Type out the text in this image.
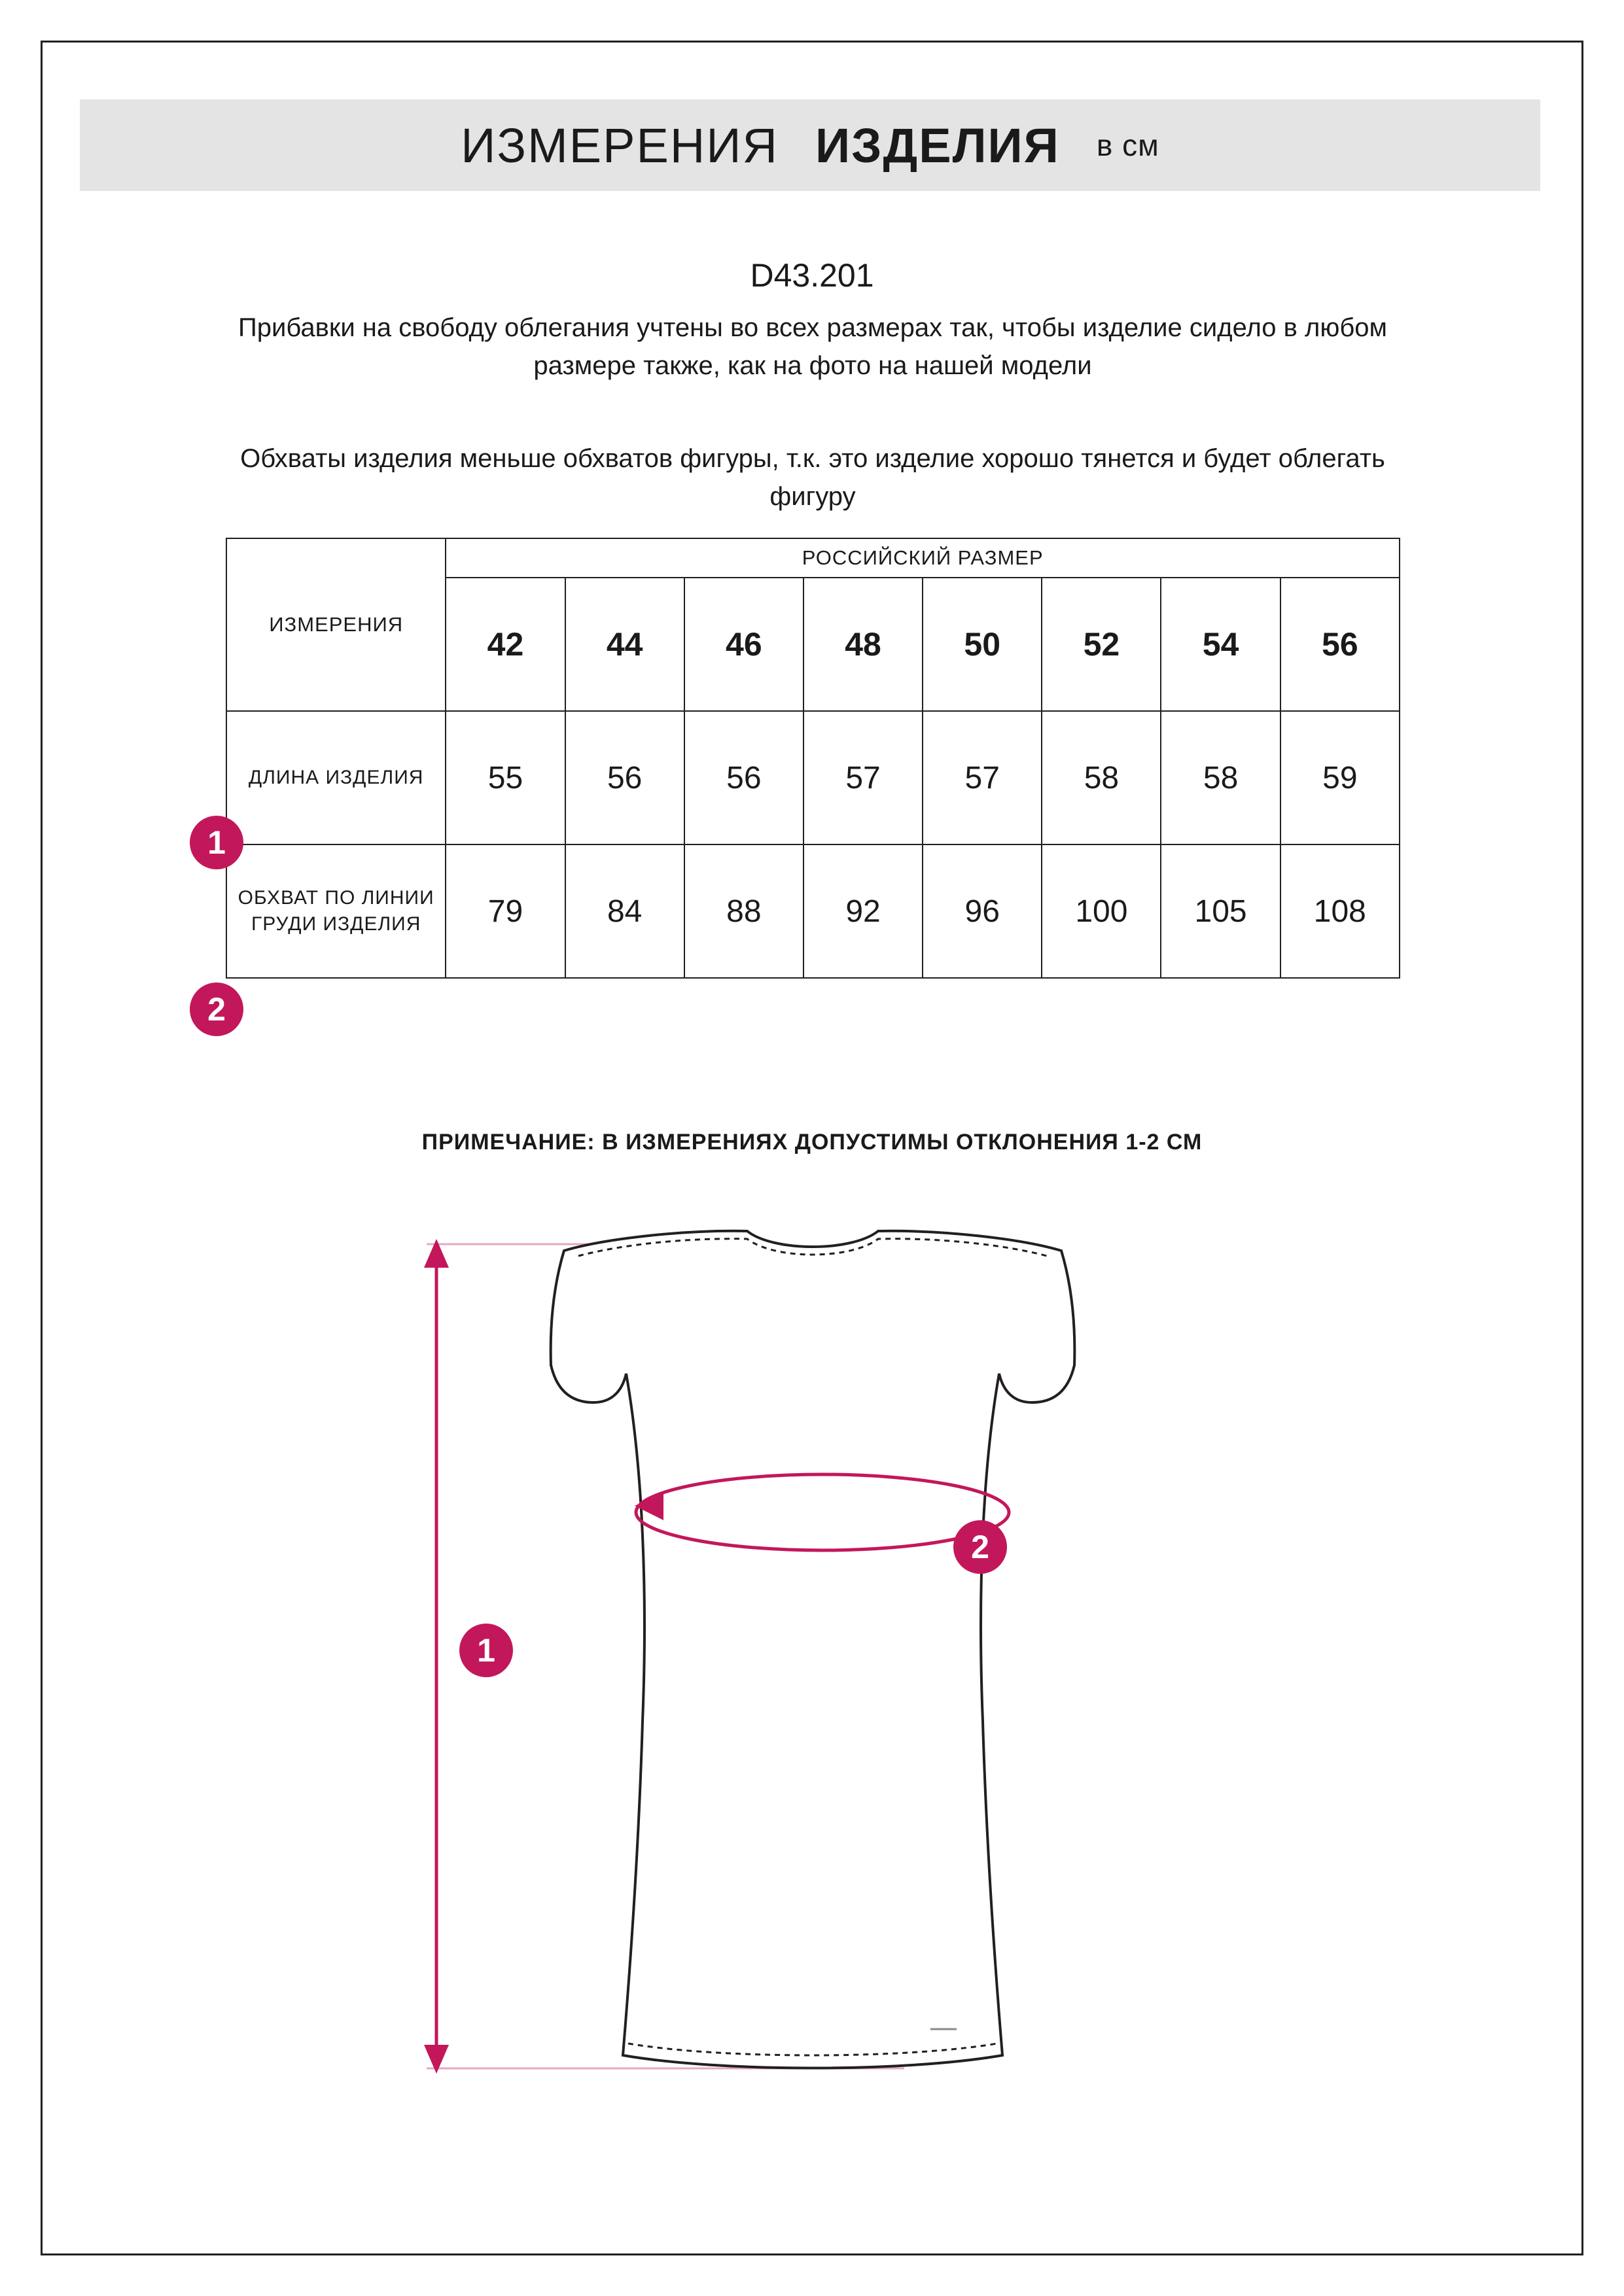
ИЗМЕРЕНИЯ ИЗДЕЛИЯ в см
D43.201
Прибавки на свободу облегания учтены во всех размерах так, чтобы изделие сидело в любом размере также, как на фото на нашей модели
Обхваты изделия меньше обхватов фигуры, т.к. это изделие хорошо тянется и будет облегать фигуру
ИЗМЕРЕНИЯ	РОССИЙСКИЙ РАЗМЕР							
	42	44	46	48	50	52	54	56
ДЛИНА ИЗДЕЛИЯ	55	56	56	57	57	58	58	59
ОБХВАТ ПО ЛИНИИ ГРУДИ ИЗДЕЛИЯ	79	84	88	92	96	100	105	108
1
2
ПРИМЕЧАНИЕ: В ИЗМЕРЕНИЯХ ДОПУСТИМЫ ОТКЛОНЕНИЯ 1-2 СМ
1
2
